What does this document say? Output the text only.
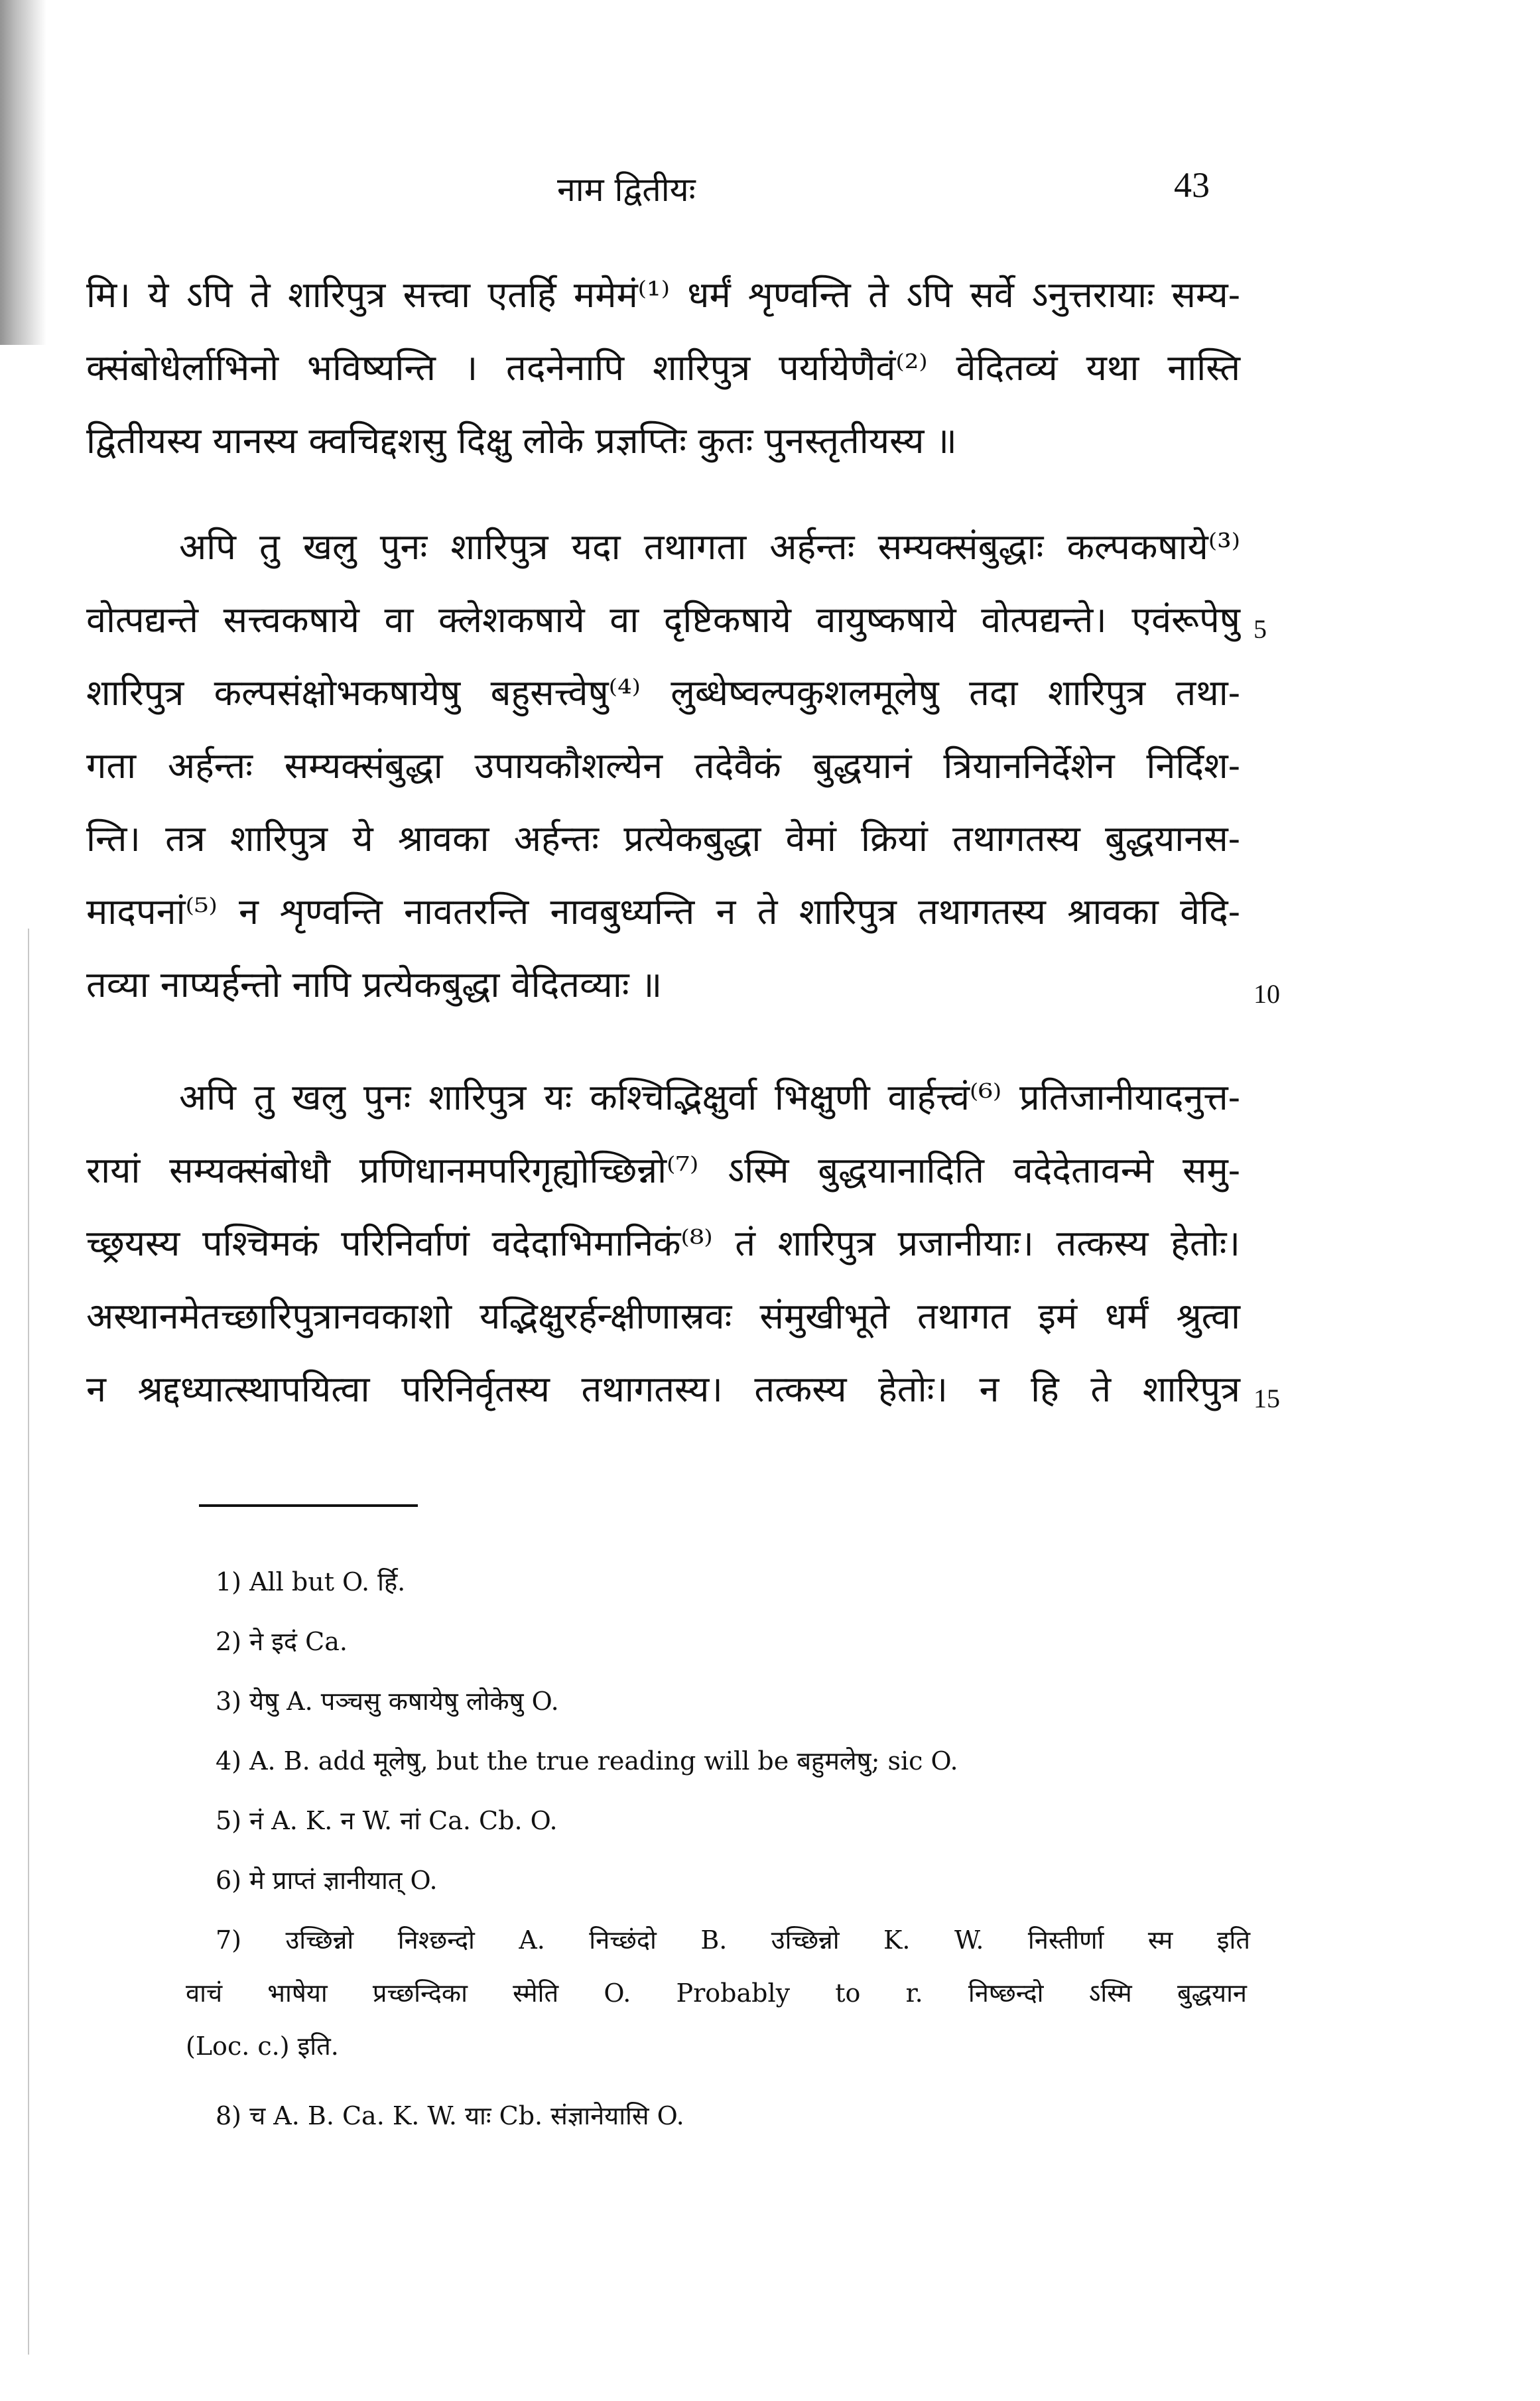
नाम द्वितीयः	43
मि। ये ऽपि ते शारिपुत्र सत्त्वा एतर्हि ममेमं⁽¹⁾ धर्मं शृण्वन्ति ते ऽपि सर्वे ऽनुत्तरायाः सम्य-
क्संबोधेर्लाभिनो भविष्यन्ति । तदनेनापि शारिपुत्र पर्यायेणैवं⁽²⁾ वेदितव्यं यथा नास्ति
द्वितीयस्य यानस्य क्वचिद्दशसु दिक्षु लोके प्रज्ञप्तिः कुतः पुनस्तृतीयस्य ॥
अपि तु खलु पुनः शारिपुत्र यदा तथागता अर्हन्तः सम्यक्संबुद्धाः कल्पकषाये⁽³⁾
वोत्पद्यन्ते सत्त्वकषाये वा क्लेशकषाये वा दृष्टिकषाये वायुष्कषाये वोत्पद्यन्ते। एवंरूपेषु
शारिपुत्र कल्पसंक्षोभकषायेषु बहुसत्त्वेषु⁽⁴⁾ लुब्धेष्वल्पकुशलमूलेषु तदा शारिपुत्र तथा-
गता अर्हन्तः सम्यक्संबुद्धा उपायकौशल्येन तदेवैकं बुद्धयानं त्रियाननिर्देशेन निर्दिश-
न्ति। तत्र शारिपुत्र ये श्रावका अर्हन्तः प्रत्येकबुद्धा वेमां क्रियां तथागतस्य बुद्धयानस-
मादपनां⁽⁵⁾ न शृण्वन्ति नावतरन्ति नावबुध्यन्ति न ते शारिपुत्र तथागतस्य श्रावका वेदि-
तव्या नाप्यर्हन्तो नापि प्रत्येकबुद्धा वेदितव्याः ॥
अपि तु खलु पुनः शारिपुत्र यः कश्चिद्भिक्षुर्वा भिक्षुणी वार्हत्त्वं⁽⁶⁾ प्रतिजानीयादनुत्त-
रायां सम्यक्संबोधौ प्रणिधानमपरिगृह्योच्छिन्नो⁽⁷⁾ ऽस्मि बुद्धयानादिति वदेदेतावन्मे समु-
च्छ्रयस्य पश्चिमकं परिनिर्वाणं वदेदाभिमानिकं⁽⁸⁾ तं शारिपुत्र प्रजानीयाः। तत्कस्य हेतोः।
अस्थानमेतच्छारिपुत्रानवकाशो यद्भिक्षुरर्हन्क्षीणास्रवः संमुखीभूते तथागत इमं धर्मं श्रुत्वा
न श्रद्दध्यात्स्थापयित्वा परिनिर्वृतस्य तथागतस्य। तत्कस्य हेतोः। न हि ते शारिपुत्र
5
10
15
1) All but O. र्हि.
2) ने इदं Ca.
3) येषु A. पञ्चसु कषायेषु लोकेषु O.
4) A. B. add मूलेषु, but the true reading will be बहुमलेषु; sic O.
5) नं A. K. न W. नां Ca. Cb. O.
6) मे प्राप्तं ज्ञानीयात् O.
7) उच्छिन्नो निश्छन्दो A. निच्छंदो B. उच्छिन्नो K. W. निस्तीर्णा स्म इति
वाचं भाषेया प्रच्छन्दिका स्मेति O. Probably to r. निष्छन्दो ऽस्मि बुद्धयान
(Loc. c.) इति.
8) च A. B. Ca. K. W. याः Cb. संज्ञानेयासि O.
